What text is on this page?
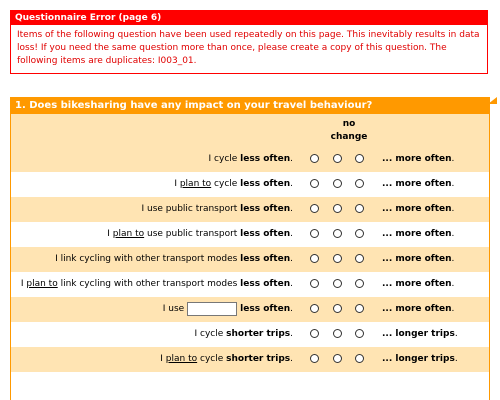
Questionnaire Error (page 6)
Items of the following question have been used repeatedly on this page. This inevitably results in data loss! If you need the same question more than once, please create a copy of this question. The following items are duplicates: I003_01.
1. Does bikesharing have any impact on your travel behaviour?
no
change
I cycle less often.	... more often.
I plan to cycle less often.	... more often.
I use public transport less often.	... more often.
I plan to use public transport less often.	... more often.
I link cycling with other transport modes less often.	... more often.
I plan to link cycling with other transport modes less often.	... more often.
I use	less often.	... more often.
I cycle shorter trips.	... longer trips.
I plan to cycle shorter trips.	... longer trips.
